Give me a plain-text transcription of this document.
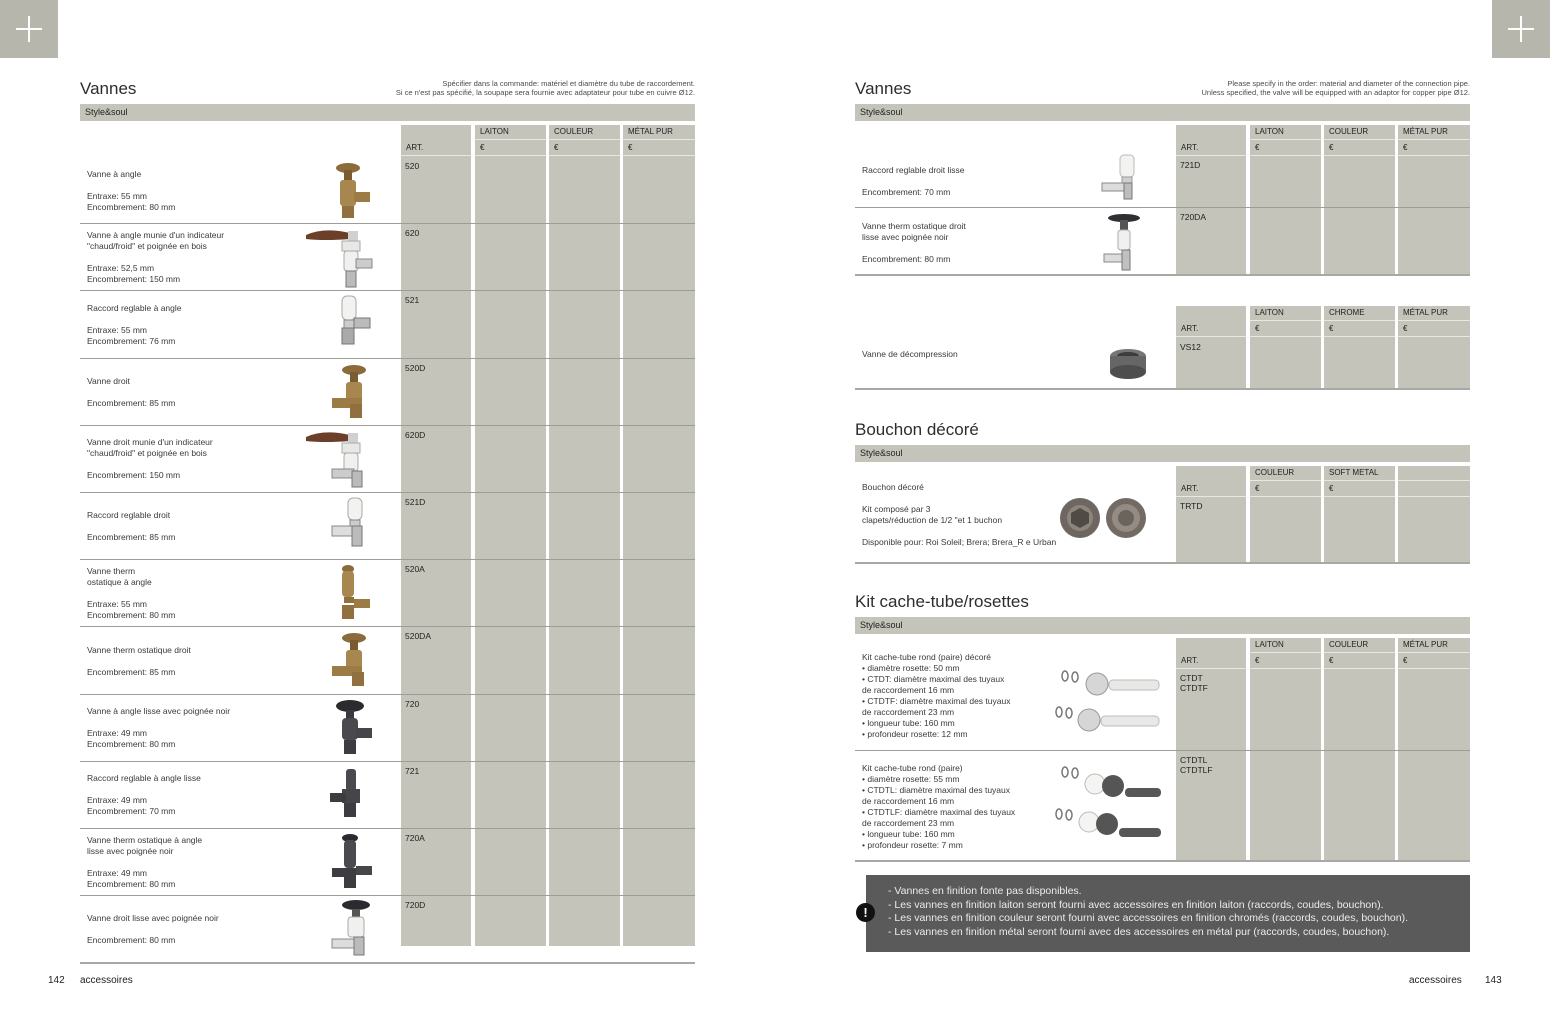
Vannes	Spécifier dans la commande: matériel et diamètre du tube de raccordement.
Si ce n'est pas spécifié, la soupape sera fournie avec adaptateur pour tube en cuivre Ø12.
Style&soul
LAITON	COULEUR	MÉTAL PUR
ART.	€	€	€
Vanne à angle

Entraxe: 55 mm
Encombrement: 80 mm
520
Vanne à angle munie d'un indicateur
"chaud/froid" et poignée en bois

Entraxe: 52,5 mm
Encombrement: 150 mm
620
Raccord reglable à angle

Entraxe: 55 mm
Encombrement: 76 mm
521
Vanne droit

Encombrement: 85 mm
520D
Vanne droit munie d'un indicateur
"chaud/froid" et poignée en bois

Encombrement: 150 mm
620D
Raccord reglable droit

Encombrement: 85 mm
521D
Vanne therm
ostatique à angle

Entraxe: 55 mm
Encombrement: 80 mm
520A
Vanne therm ostatique droit

Encombrement: 85 mm
520DA
Vanne à angle lisse avec poignée noir

Entraxe: 49 mm
Encombrement: 80 mm
720
Raccord reglable à angle lisse

Entraxe: 49 mm
Encombrement: 70 mm
721
Vanne therm ostatique à angle
lisse avec poignée noir

Entraxe: 49 mm
Encombrement: 80 mm
720A
Vanne droit lisse avec poignée noir

Encombrement: 80 mm
720D
142 accessoires
Vannes	Please specify in the order: material and diameter of the connection pipe.
Unless specified, the valve will be equipped with an adaptor for copper pipe Ø12.
Style&soul
LAITON	COULEUR	MÉTAL PUR
ART.	€	€	€
Raccord reglable droit lisse

Encombrement: 70 mm
721D
Vanne therm ostatique droit
lisse avec poignée noir

Encombrement: 80 mm
720DA
LAITON	CHROME	MÉTAL PUR
ART.	€	€	€
Vanne de décompression
VS12
Bouchon décoré
Style&soul
COULEUR	SOFT METAL
ART.	€	€
Bouchon décoré

Kit composé par 3
clapets/réduction de 1/2 "et 1 buchon

Disponible pour: Roi Soleil; Brera; Brera_R e Urban
TRTD
Kit cache-tube/rosettes
Style&soul
LAITON	COULEUR	MÉTAL PUR
ART.	€	€	€
Kit cache-tube rond (paire) décoré
• diamètre rosette: 50 mm
• CTDT: diamètre maximal des tuyaux
de raccordement 16 mm
• CTDTF: diamètre maximal des tuyaux
de raccordement 23 mm
• longueur tube: 160 mm
• profondeur rosette: 12 mm
CTDT
CTDTF
Kit cache-tube rond (paire)
• diamètre rosette: 55 mm
• CTDTL: diamètre maximal des tuyaux
de raccordement 16 mm
• CTDTLF: diamètre maximal des tuyaux
de raccordement 23 mm
• longueur tube: 160 mm
• profondeur rosette: 7 mm
CTDTL
CTDTLF
- Vannes en finition fonte pas disponibles.
- Les vannes en finition laiton seront fourni avec accessoires en finition laiton (raccords, coudes, bouchon).
- Les vannes en finition couleur seront fourni avec accessoires en finition chromés (raccords, coudes, bouchon).
- Les vannes en finition métal seront fourni avec des accessoires en métal pur (raccords, coudes, bouchon).
!
accessoires 143
